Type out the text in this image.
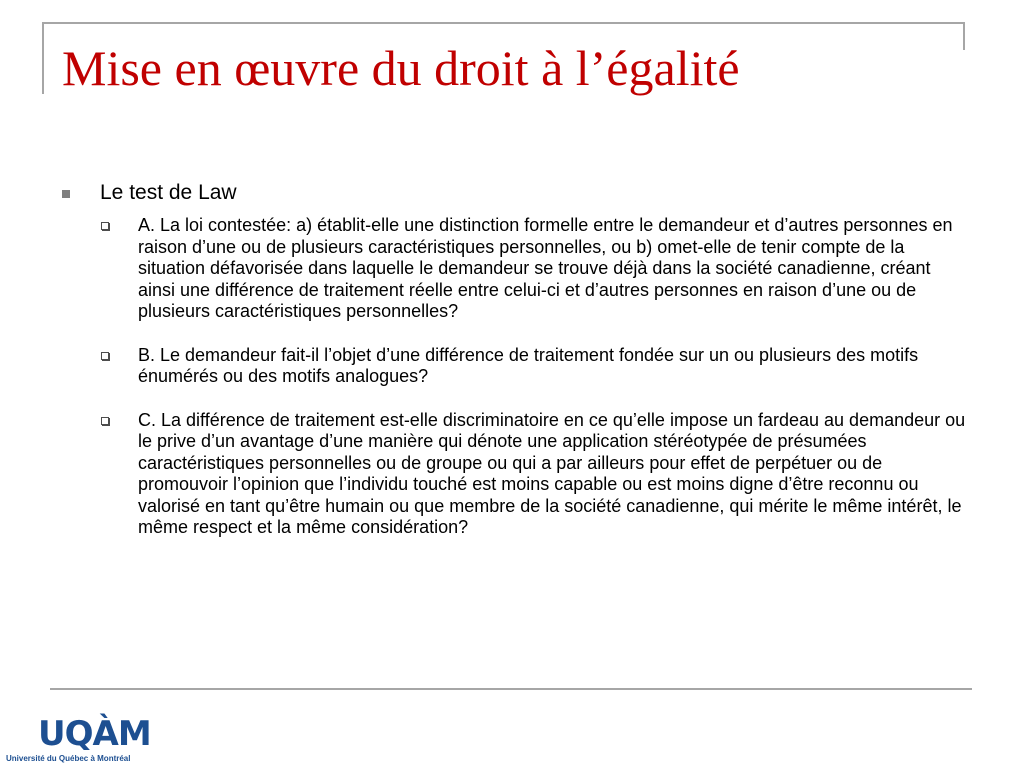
Mise en œuvre du droit à l’égalité
Le test de Law
A. La loi contestée: a) établit-elle une distinction formelle entre le demandeur et d’autres personnes en raison d’une ou de plusieurs caractéristiques personnelles, ou b) omet-elle de tenir compte de la situation défavorisée dans laquelle le demandeur se trouve déjà dans la société canadienne, créant ainsi une différence de traitement réelle entre celui-ci et d’autres personnes en raison d’une ou de plusieurs caractéristiques personnelles?
B. Le demandeur fait-il l’objet d’une différence de traitement fondée sur un ou plusieurs des motifs énumérés ou des motifs analogues?
C. La différence de traitement est-elle discriminatoire en ce qu’elle impose un fardeau au demandeur ou le prive d’un avantage d’une manière qui dénote une application stéréotypée de présumées caractéristiques personnelles ou de groupe ou qui a par ailleurs pour effet de perpétuer ou de promouvoir l’opinion que l’individu touché est moins capable ou est moins digne d’être reconnu ou valorisé en tant qu’être humain ou que membre de la société canadienne, qui mérite le même intérêt, le même respect et la même considération?
UQÀM
Université du Québec à Montréal
